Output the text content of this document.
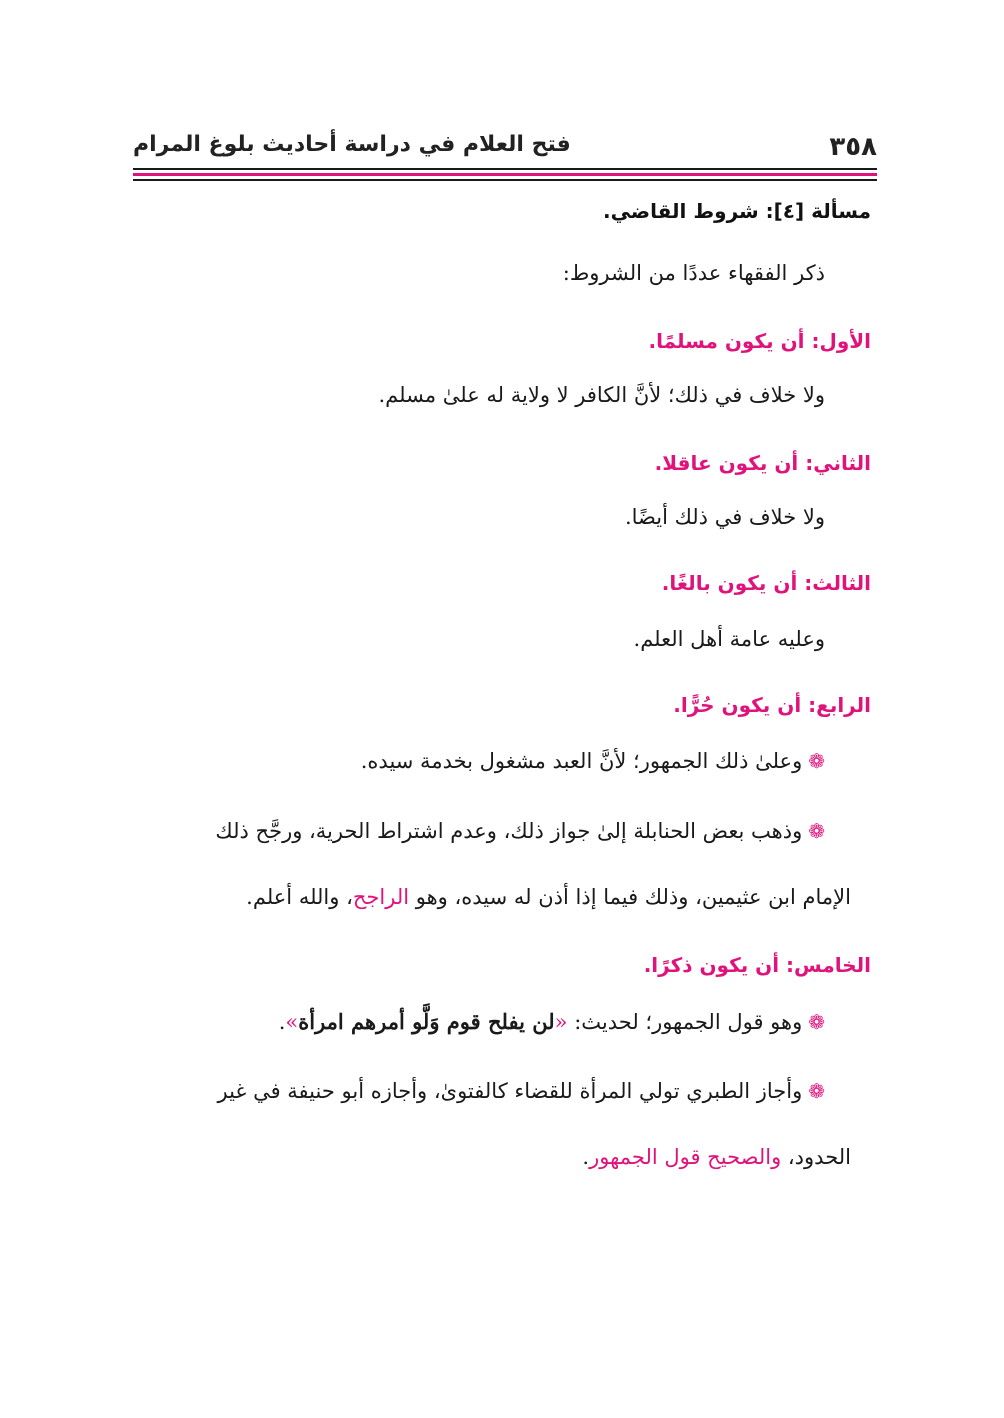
٣٥٨
فتح العلام في دراسة أحاديث بلوغ المرام

مسألة [٤]: شروط القاضي.

ذكر الفقهاء عددًا من الشروط:

الأول: أن يكون مسلمًا.

ولا خلاف في ذلك؛ لأنَّ الكافر لا ولاية له علىٰ مسلم.

الثاني: أن يكون عاقلا.

ولا خلاف في ذلك أيضًا.

الثالث: أن يكون بالغًا.

وعليه عامة أهل العلم.

الرابع: أن يكون حُرًّا.

❁وعلىٰ ذلك الجمهور؛ لأنَّ العبد مشغول بخدمة سيده.

❁وذهب بعض الحنابلة إلىٰ جواز ذلك، وعدم اشتراط الحرية، ورجَّح ذلك

الإمام ابن عثيمين، وذلك فيما إذا أذن له سيده، وهو الراجح، والله أعلم.

الخامس: أن يكون ذكرًا.

❁وهو قول الجمهور؛ لحديث: «لن يفلح قوم وَلَّو أمرهم امرأة».

❁وأجاز الطبري تولي المرأة للقضاء كالفتوىٰ، وأجازه أبو حنيفة في غير

الحدود، والصحيح قول الجمهور.
